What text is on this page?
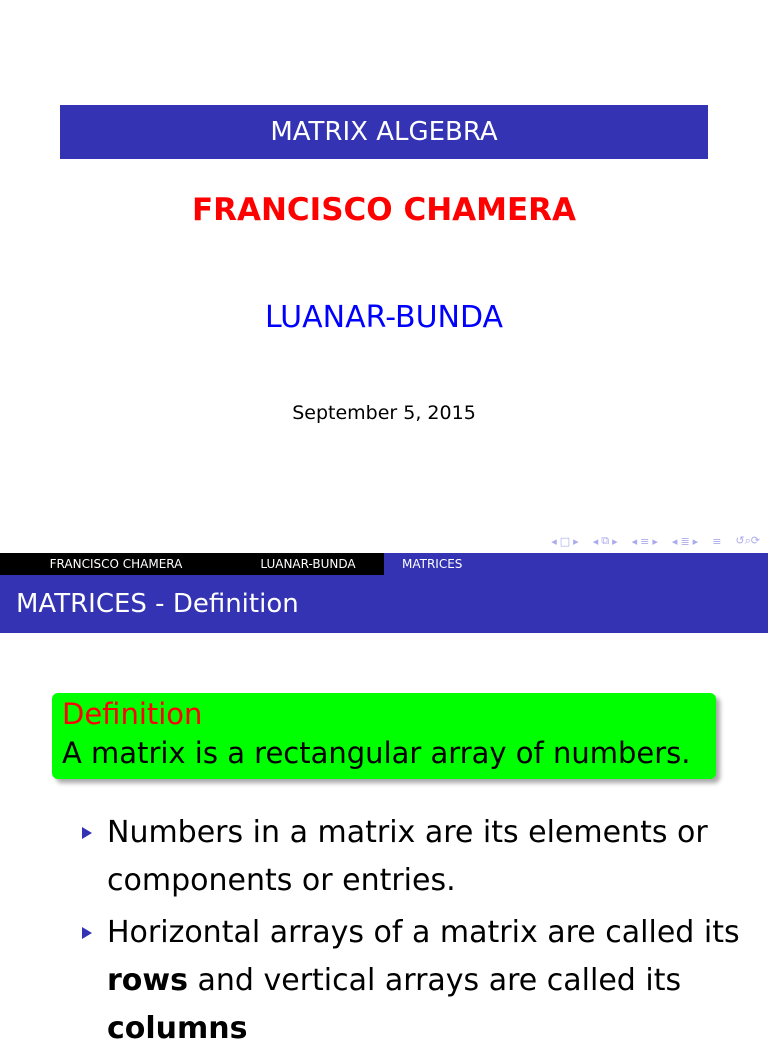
MATRIX ALGEBRA
FRANCISCO CHAMERA
LUANAR-BUNDA
September 5, 2015
◂ □ ▸ ◂ ⧉ ▸ ◂ ≡ ▸ ◂ ≣ ▸ ≡ ↺⌕⟳
FRANCISCO CHAMERA	LUANAR-BUNDA	MATRICES
MATRICES - Definition
Definition
A matrix is a rectangular array of numbers.
Numbers in a matrix are its elements or components or entries.
Horizontal arrays of a matrix are called its rows and vertical arrays are called its columns
